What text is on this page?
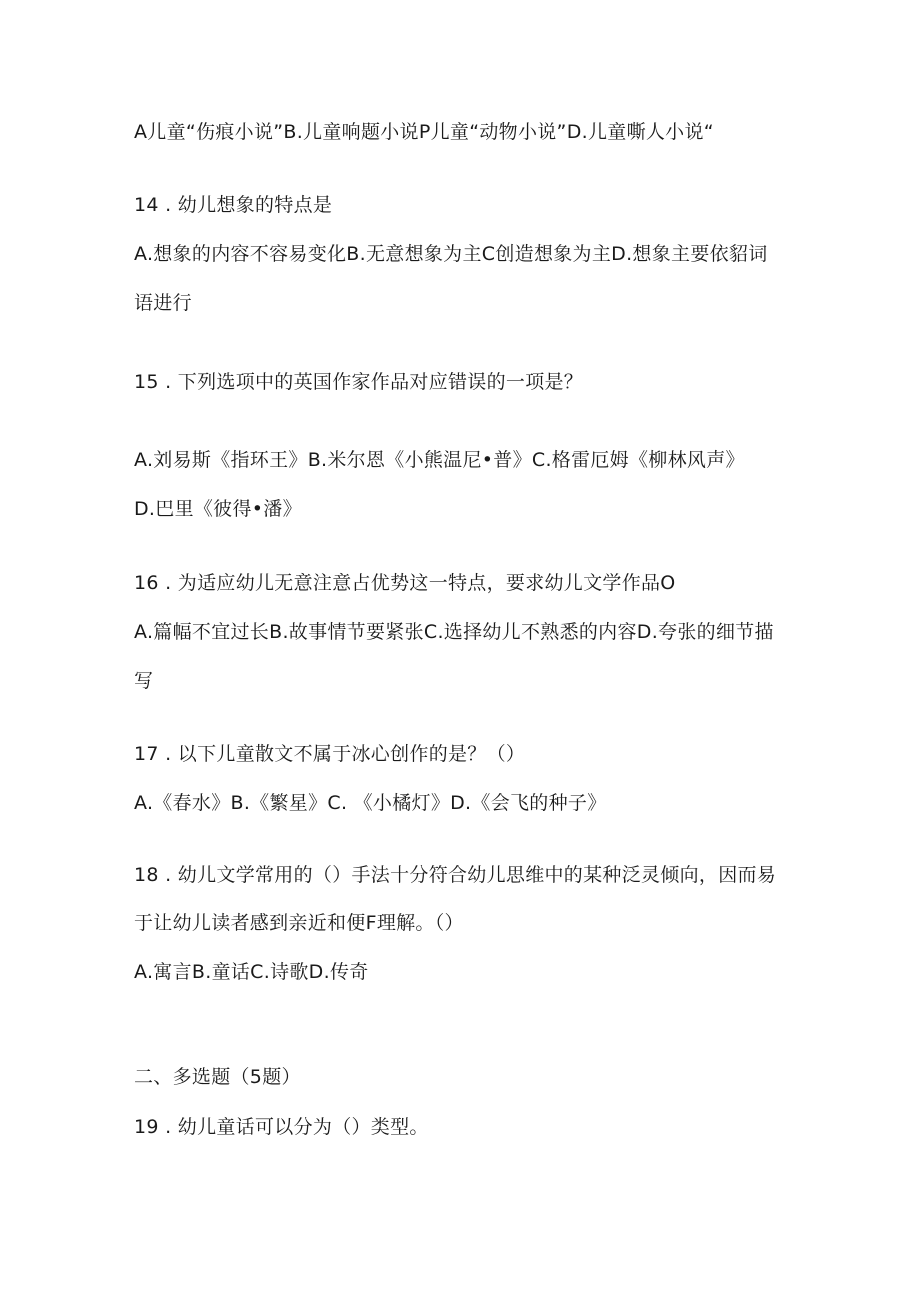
A儿童“伤痕小说”B.儿童响题小说P儿童“动物小说”D.儿童嘶人小说“
14 . 幼儿想象的特点是
A.想象的内容不容易变化B.无意想象为主C创造想象为主D.想象主要依貂词
语进行
15 . 下列选项中的英国作家作品对应错误的一项是？
A.刘易斯《指环王》B.米尔恩《小熊温尼•普》C.格雷厄姆《柳林风声》
D.巴里《彼得•潘》
16 . 为适应幼儿无意注意占优势这一特点，要求幼儿文学作品O
A.篇幅不宜过长B.故事情节要紧张C.选择幼儿不熟悉的内容D.夸张的细节描
写
17 . 以下儿童散文不属于冰心创作的是？（）
A.《春水》B.《繁星》C. 《小橘灯》D.《会飞的种子》
18 . 幼儿文学常用的（）手法十分符合幼儿思维中的某种泛灵倾向，因而易
于让幼儿读者感到亲近和便F理解。（）
A.寓言B.童话C.诗歌D.传奇
二、多选题（5题）
19 . 幼儿童话可以分为（）类型。
